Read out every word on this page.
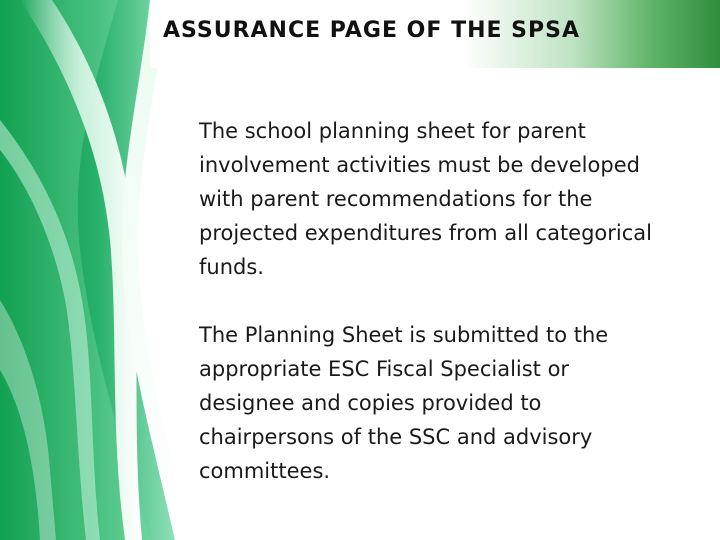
ASSURANCE PAGE OF THE SPSA

The school planning sheet for parent involvement activities must be developed with parent recommendations for the projected expenditures from all categorical funds.

The Planning Sheet is submitted to the appropriate ESC Fiscal Specialist or designee and copies provided to chairpersons of the SSC and advisory committees.
